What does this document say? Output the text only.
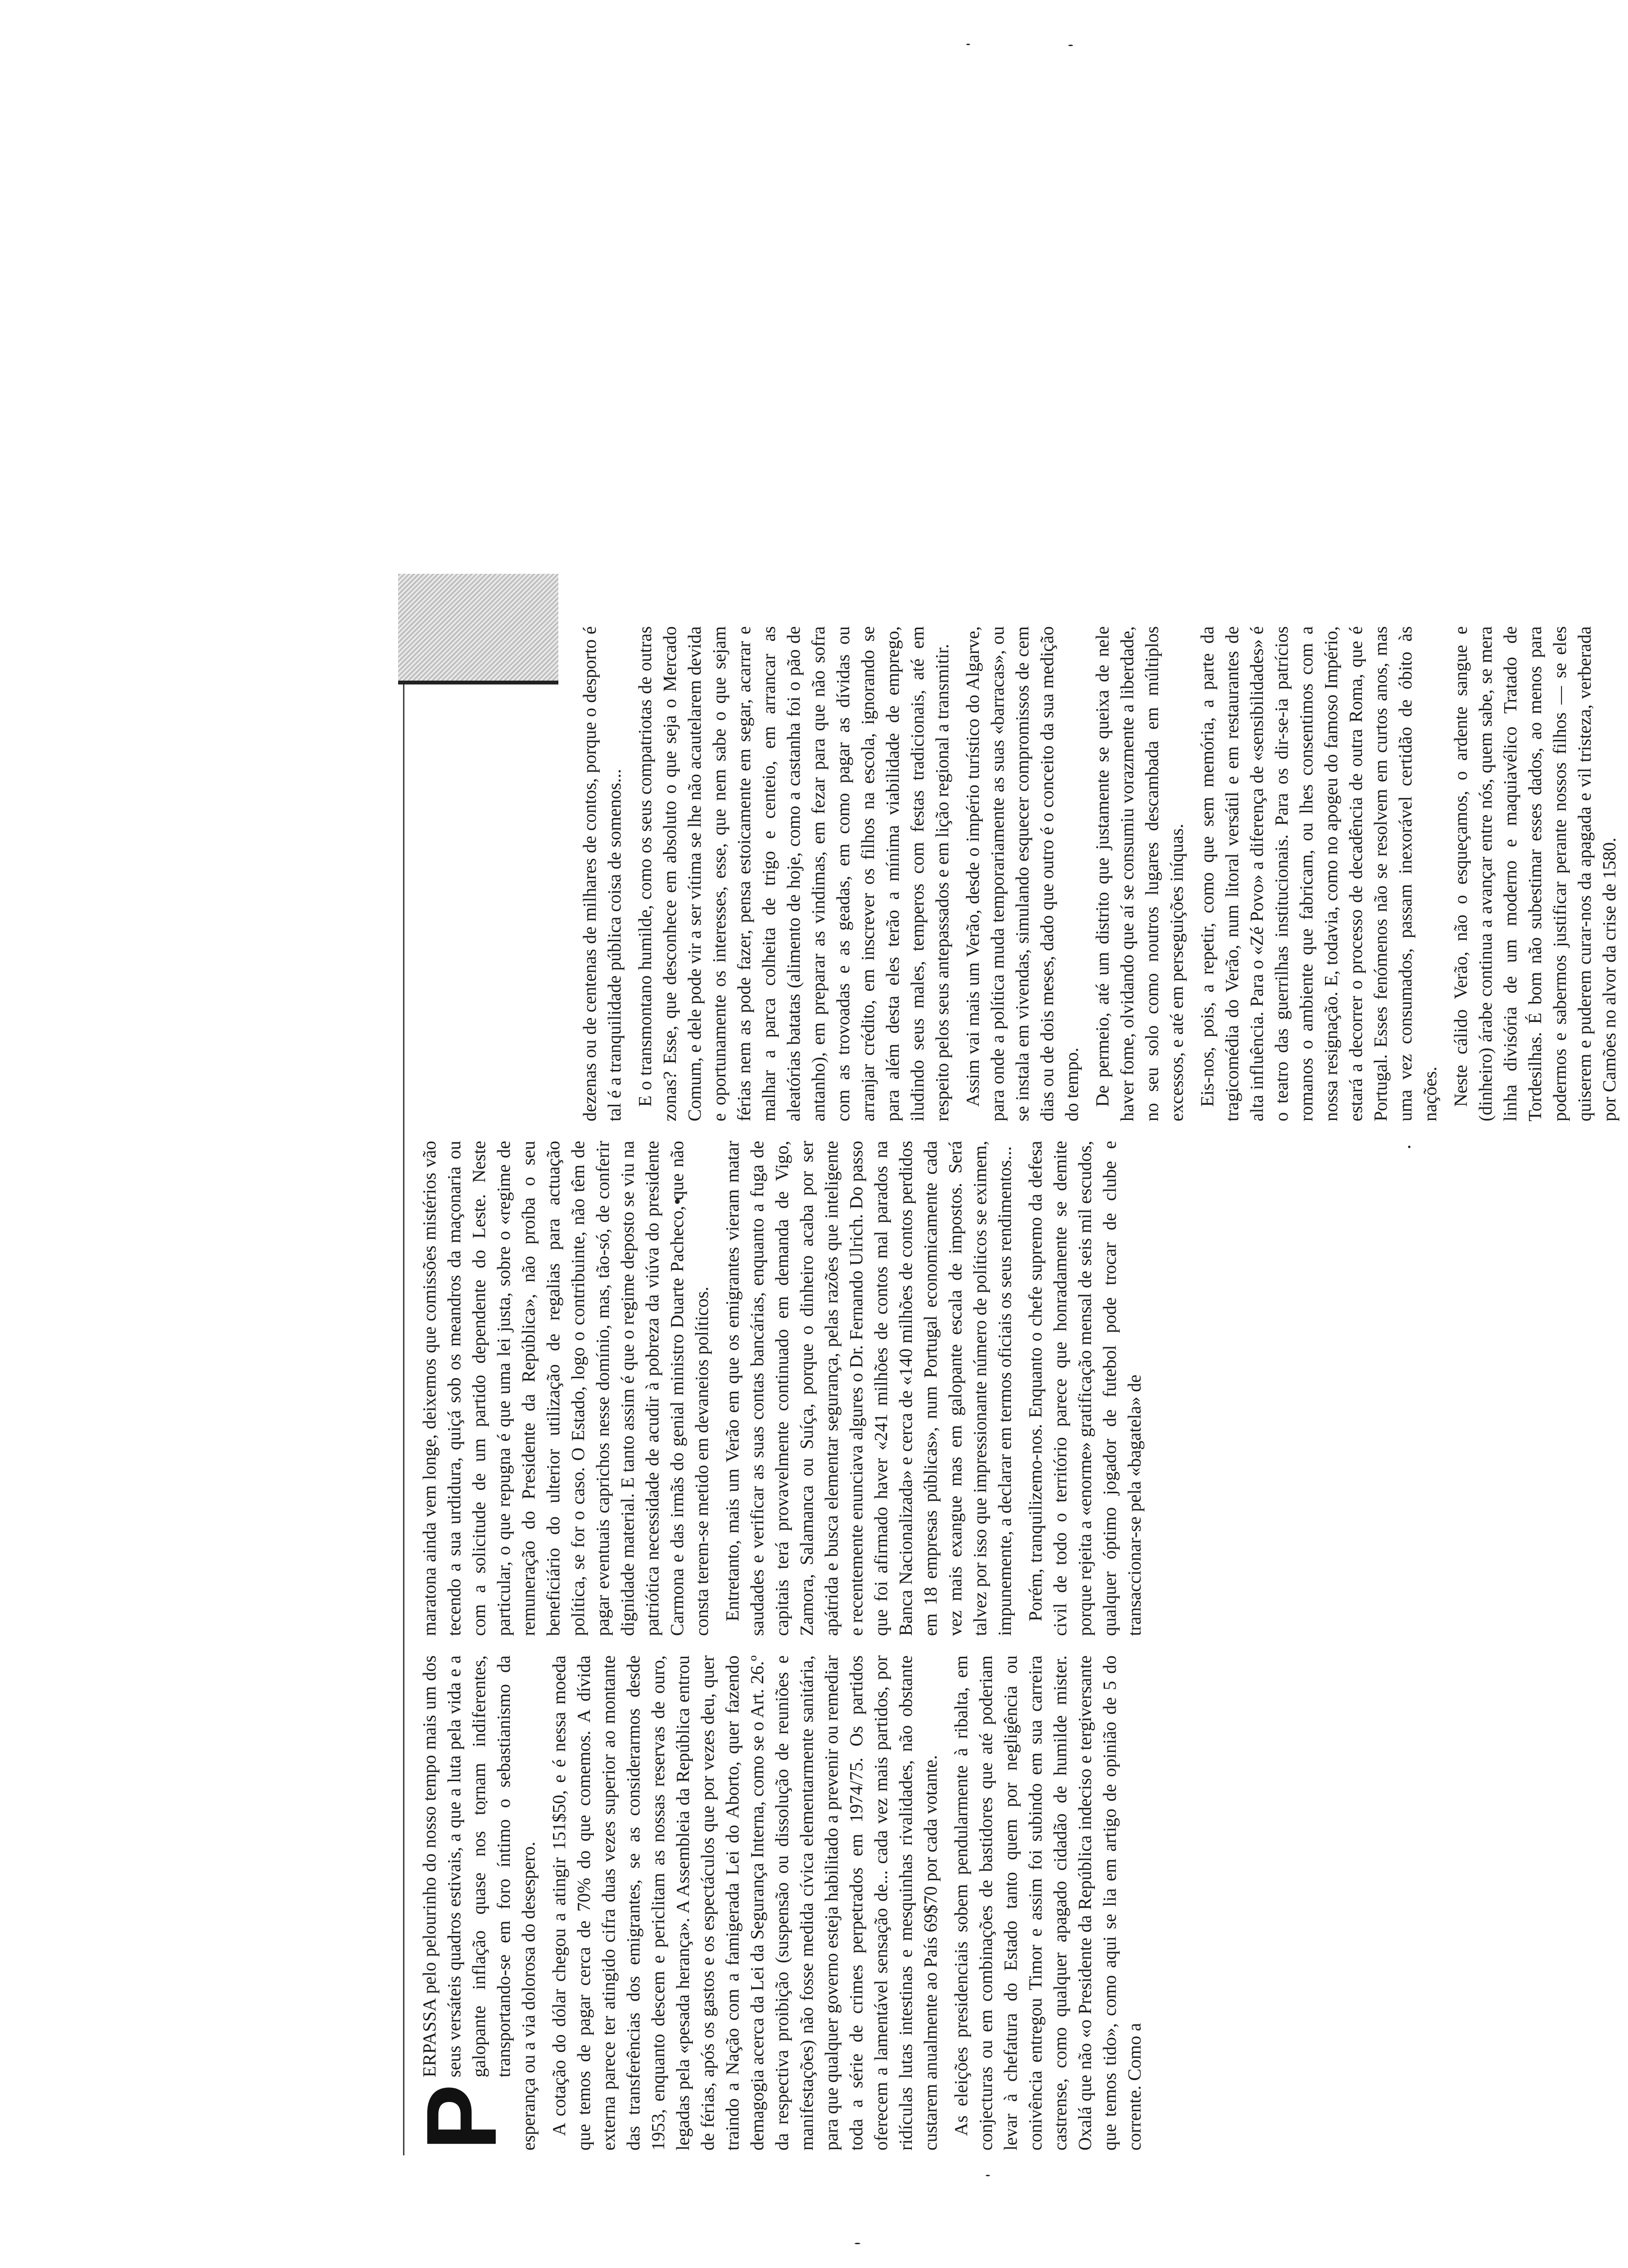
P
ERPASSA pelo pelourinho do nosso tempo mais um dos seus versáteis quadros estivais, a que a luta pela vida e a galopante inflação quase nos tornam indiferentes, transportando-se em foro íntimo o sebastianismo da esperança ou a via dolorosa do desespero. A cotação do dólar chegou a atingir 151$50, e é nessa moeda que temos de pagar cerca de 70% do que comemos. A dívida externa parece ter atingido cifra duas vezes superior ao montante das transferências dos emigrantes, se as considerarmos desde 1953, enquanto descem e periclitam as nossas reservas de ouro, legadas pela «pesada herança». A Assembleia da República entrou de férias, após os gastos e os espectáculos que por vezes deu, quer traindo a Nação com a famigerada Lei do Aborto, quer fazendo demagogia acerca da Lei da Segurança Interna, como se o Art. 26.º da respectiva proibição (suspensão ou dissolução de reuniões e manifestações) não fosse medida cívica elementarmente sanitária, para que qualquer governo esteja habilitado a prevenir ou remediar toda a série de crimes perpetrados em 1974/75. Os partidos oferecem a lamentável sensação de... cada vez mais partidos, por ridículas lutas intestinas e mesquinhas rivalidades, não obstante custarem anualmente ao País 69$70 por cada votante. As eleições presidenciais sobem pendularmente à ribalta, em conjecturas ou em combinações de bastidores que até poderiam levar à chefatura do Estado tanto quem por negligência ou conivência entregou Timor e assim foi subindo em sua carreira castrense, como qualquer apagado cidadão de humilde mister. Oxalá que não «o Presidente da República indeciso e tergiversante que temos tido», como aqui se lia em artigo de opinião de 5 do corrente. Como a

maratona ainda vem longe, deixemos que comissões mistérios vão tecendo a sua urdidura, quiçá sob os meandros da maçonaria ou com a solicitude de um partido dependente do Leste. Neste particular, o que repugna é que uma lei justa, sobre o «regime de remuneração do Presidente da República», não proíba o seu beneficiário do ulterior utilização de regalias para actuação política, se for o caso. O Estado, logo o contribuinte, não têm de pagar eventuais caprichos nesse domínio, mas, tão-só, de conferir dignidade material. E tanto assim é que o regime deposto se viu na patriótica necessidade de acudir à pobreza da viúva do presidente Carmona e das irmãs do genial ministro Duarte Pacheco, que não consta terem-se metido em devaneios políticos. Entretanto, mais um Verão em que os emigrantes vieram matar saudades e verificar as suas contas bancárias, enquanto a fuga de capitais terá provavelmente continuado em demanda de Vigo, Zamora, Salamanca ou Suíça, porque o dinheiro acaba por ser apátrida e busca elementar segurança, pelas razões que inteligente e recentemente enunciava algures o Dr. Fernando Ulrich. Do passo que foi afirmado haver «241 milhões de contos mal parados na Banca Nacionalizada» e cerca de «140 milhões de contos perdidos em 18 empresas públicas», num Portugal economicamente cada vez mais exangue mas em galopante escala de impostos. Será talvez por isso que impressionante número de políticos se eximem, impunemente, a declarar em termos oficiais os seus rendimentos... Porém, tranquilizemo-nos. Enquanto o chefe supremo da defesa civil de todo o território parece que honradamente se demite porque rejeita a «enorme» gratificação mensal de seis mil escudos, qualquer óptimo jogador de futebol pode trocar de clube e transaccionar-se pela «bagatela» de

dezenas ou de centenas de milhares de contos, porque o desporto é tal é a tranquilidade pública coisa de somenos... E o transmontano humilde, como os seus compatriotas de outras zonas? Esse, que desconhece em absoluto o que seja o Mercado Comum, e dele pode vir a ser vítima se lhe não acautelarem devida e oportunamente os interesses, esse, que nem sabe o que sejam férias nem as pode fazer, pensa estoicamente em segar, acarrar e malhar a parca colheita de trigo e centeio, em arrancar as aleatórias batatas (alimento de hoje, como a castanha foi o pão de antanho), em preparar as vindimas, em fezar para que não sofra com as trovoadas e as geadas, em como pagar as dívidas ou arranjar crédito, em inscrever os filhos na escola, ignorando se para além desta eles terão a mínima viabilidade de emprego, iludindo seus males, temperos com festas tradicionais, até em respeito pelos seus antepassados e em lição regional a transmitir. Assim vai mais um Verão, desde o império turístico do Algarve, para onde a política muda temporariamente as suas «barracas», ou se instala em vivendas, simulando esquecer compromissos de cem dias ou de dois meses, dado que outro é o conceito da sua medição do tempo. De permeio, até um distrito que justamente se queixa de nele haver fome, olvidando que aí se consumiu vorazmente a liberdade, no seu solo como noutros lugares descambada em múltiplos excessos, e até em perseguições iníquas. Eis-nos, pois, a repetir, como que sem memória, a parte da tragicomédia do Verão, num litoral versátil e em restaurantes de alta influência. Para o «Zé Povo» a diferença de «sensibilidades» é o teatro das guerrilhas institucionais. Para os dir-se-ia patrícios romanos o ambiente que fabricam, ou lhes consentimos com a nossa resignação. E, todavia, como no apogeu do famoso Império, estará a decorrer o processo de decadência de outra Roma, que é Portugal. Esses fenómenos não se resolvem em curtos anos, mas uma vez consumados, passam inexorável certidão de óbito às nações. Neste cálido Verão, não o esqueçamos, o ardente sangue e (dinheiro) árabe continua a avançar entre nós, quem sabe, se mera linha divisória de um moderno e maquiavélico Tratado de Tordesilhas. É bom não subestimar esses dados, ao menos para podermos e sabermos justificar perante nossos filhos — se eles quiserem e puderem curar-nos da apagada e vil tristeza, verberada por Camões no alvor da crise de 1580.
